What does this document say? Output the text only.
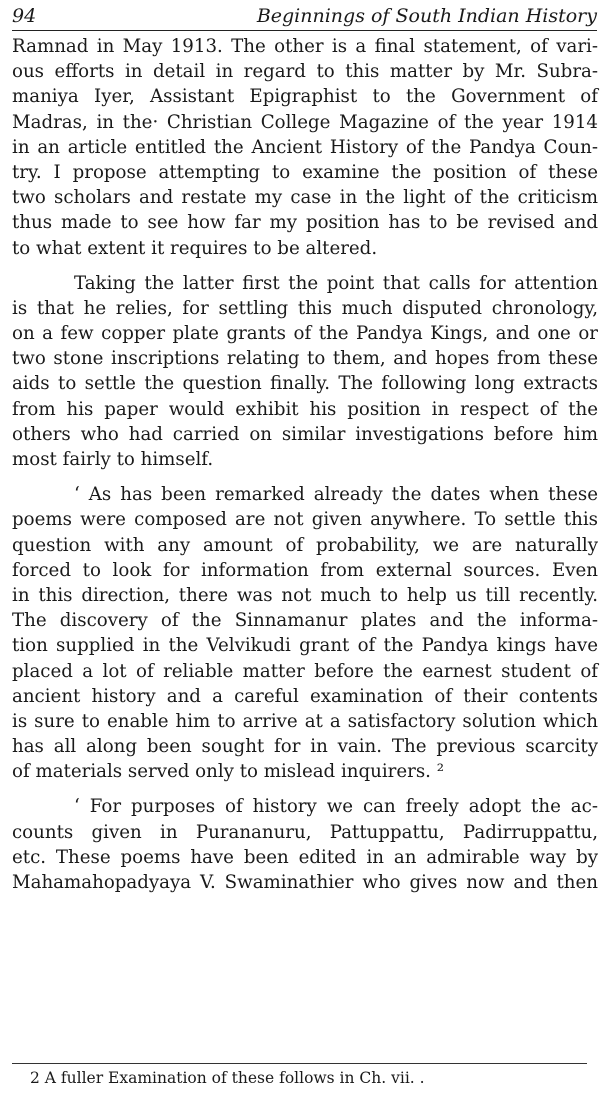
94	Beginnings of South Indian History
Ramnad in May 1913. The other is a final statement, of vari-
ous efforts in detail in regard to this matter by Mr. Subra-
maniya Iyer, Assistant Epigraphist to the Government of
Madras, in the· Christian College Magazine of the year 1914
in an article entitled the Ancient History of the Pandya Coun-
try. I propose attempting to examine the position of these
two scholars and restate my case in the light of the criticism
thus made to see how far my position has to be revised and
to what extent it requires to be altered.
Taking the latter first the point that calls for attention
is that he relies, for settling this much disputed chronology,
on a few copper plate grants of the Pandya Kings, and one or
two stone inscriptions relating to them, and hopes from these
aids to settle the question finally. The following long extracts
from his paper would exhibit his position in respect of the
others who had carried on similar investigations before him
most fairly to himself.
‘ As has been remarked already the dates when these
poems were composed are not given anywhere. To settle this
question with any amount of probability, we are naturally
forced to look for information from external sources. Even
in this direction, there was not much to help us till recently.
The discovery of the Sinnamanur plates and the informa-
tion supplied in the Velvikudi grant of the Pandya kings have
placed a lot of reliable matter before the earnest student of
ancient history and a careful examination of their contents
is sure to enable him to arrive at a satisfactory solution which
has all along been sought for in vain. The previous scarcity
of materials served only to mislead inquirers. ²
‘ For purposes of history we can freely adopt the ac-
counts given in Purananuru, Pattuppattu, Padirruppattu,
etc. These poems have been edited in an admirable way by
Mahamahopadyaya V. Swaminathier who gives now and then
2 A fuller Examination of these follows in Ch. vii. .
